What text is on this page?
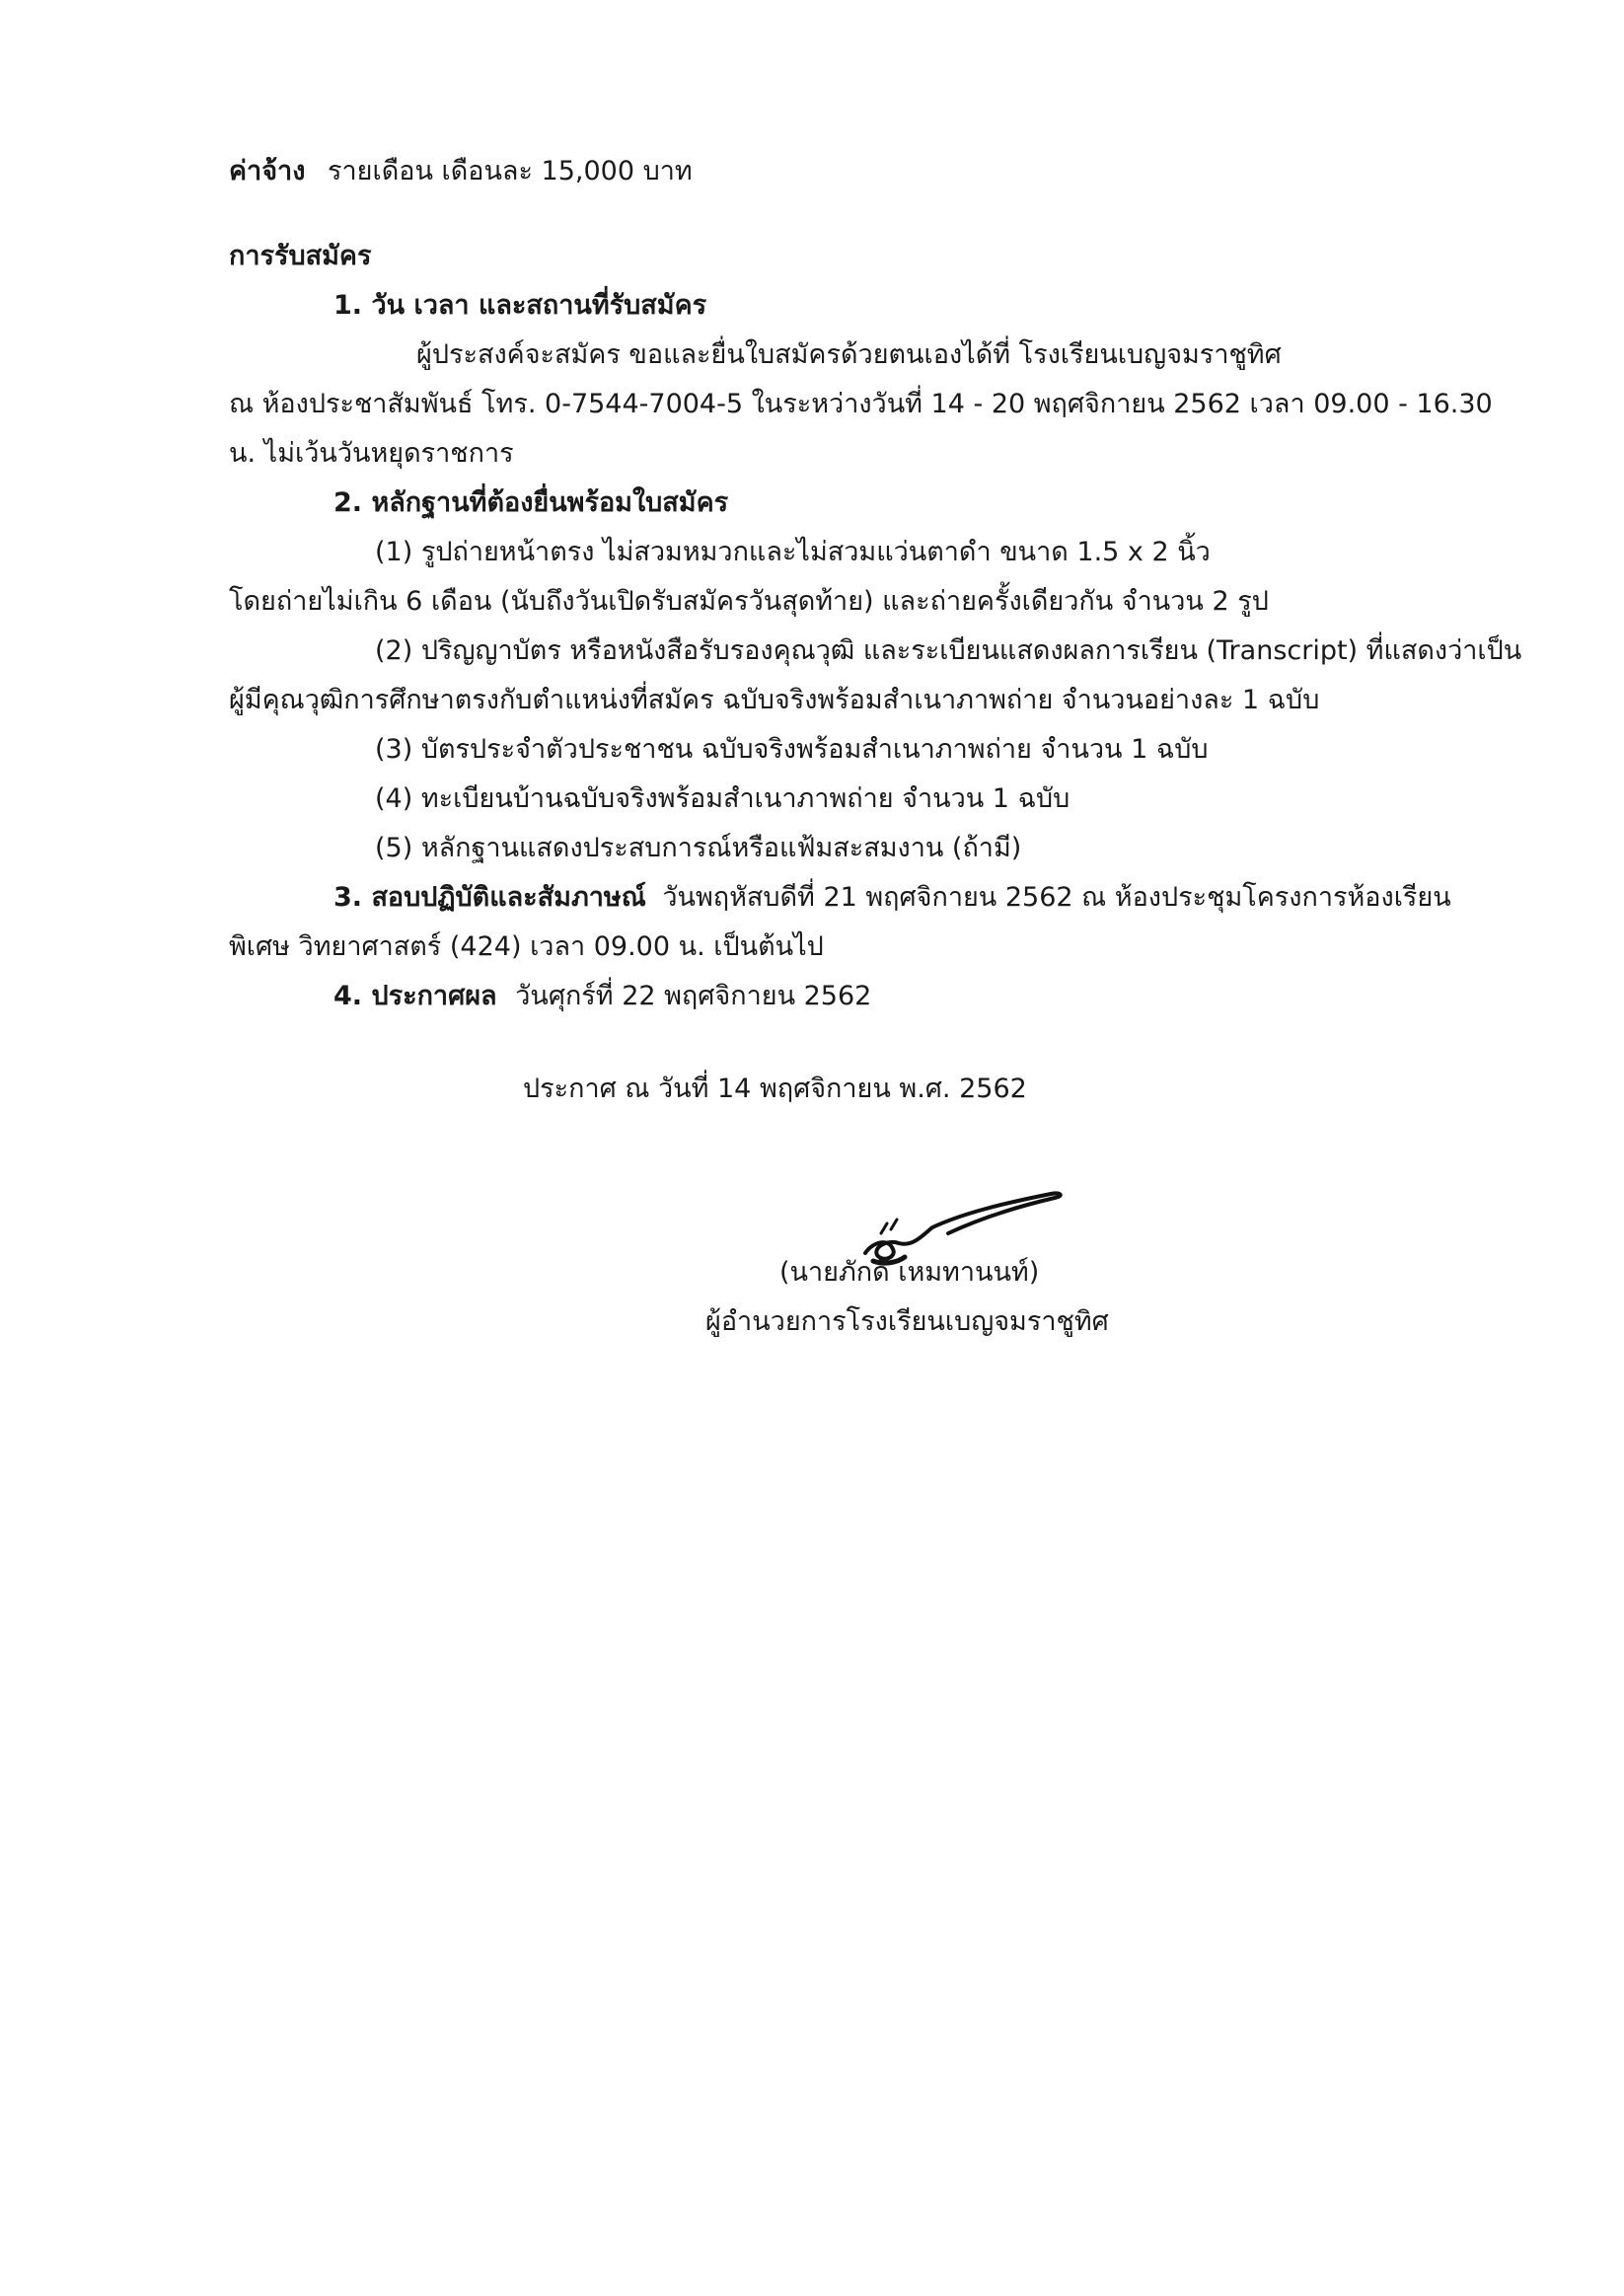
ค่าจ้าง รายเดือน เดือนละ 15,000 บาท
การรับสมัคร
1. วัน เวลา และสถานที่รับสมัคร
ผู้ประสงค์จะสมัคร ขอและยื่นใบสมัครด้วยตนเองได้ที่ โรงเรียนเบญจมราชูทิศ
ณ ห้องประชาสัมพันธ์ โทร. 0-7544-7004-5 ในระหว่างวันที่ 14 - 20 พฤศจิกายน 2562 เวลา 09.00 - 16.30
น. ไม่เว้นวันหยุดราชการ
2. หลักฐานที่ต้องยื่นพร้อมใบสมัคร
(1) รูปถ่ายหน้าตรง ไม่สวมหมวกและไม่สวมแว่นตาดำ ขนาด 1.5 x 2 นิ้ว
โดยถ่ายไม่เกิน 6 เดือน (นับถึงวันเปิดรับสมัครวันสุดท้าย) และถ่ายครั้งเดียวกัน จำนวน 2 รูป
(2) ปริญญาบัตร หรือหนังสือรับรองคุณวุฒิ และระเบียนแสดงผลการเรียน (Transcript) ที่แสดงว่าเป็น
ผู้มีคุณวุฒิการศึกษาตรงกับตำแหน่งที่สมัคร ฉบับจริงพร้อมสำเนาภาพถ่าย จำนวนอย่างละ 1 ฉบับ
(3) บัตรประจำตัวประชาชน ฉบับจริงพร้อมสำเนาภาพถ่าย จำนวน 1 ฉบับ
(4) ทะเบียนบ้านฉบับจริงพร้อมสำเนาภาพถ่าย จำนวน 1 ฉบับ
(5) หลักฐานแสดงประสบการณ์หรือแฟ้มสะสมงาน (ถ้ามี)
3. สอบปฏิบัติและสัมภาษณ์ วันพฤหัสบดีที่ 21 พฤศจิกายน 2562 ณ ห้องประชุมโครงการห้องเรียน
พิเศษ วิทยาศาสตร์ (424) เวลา 09.00 น. เป็นต้นไป
4. ประกาศผล วันศุกร์ที่ 22 พฤศจิกายน 2562
ประกาศ ณ วันที่ 14 พฤศจิกายน พ.ศ. 2562
(นายภักดี เหมทานนท์)
ผู้อำนวยการโรงเรียนเบญจมราชูทิศ
